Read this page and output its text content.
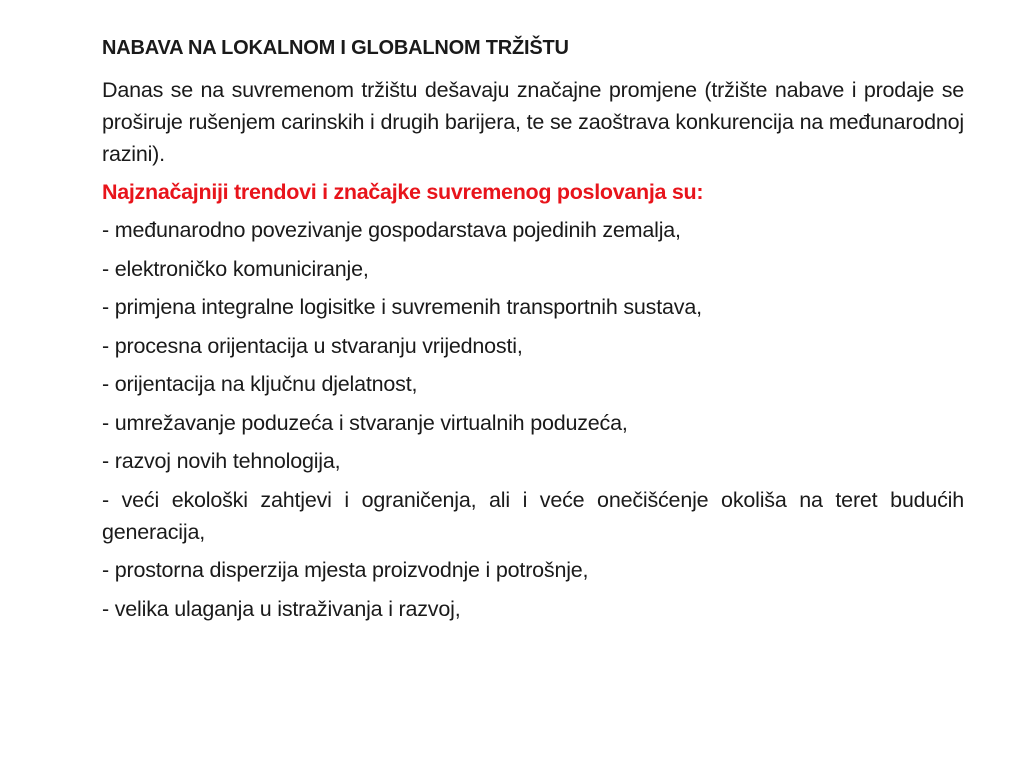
NABAVA NA LOKALNOM I GLOBALNOM TRŽIŠTU
Danas se na suvremenom tržištu dešavaju značajne promjene (tržište nabave i prodaje se proširuje rušenjem carinskih i drugih barijera, te se zaoštrava konkurencija na međunarodnoj razini).
Najznačajniji trendovi i značajke suvremenog poslovanja su:
- međunarodno povezivanje gospodarstava pojedinih zemalja,
- elektroničko komuniciranje,
- primjena integralne logisitke i suvremenih transportnih sustava,
- procesna orijentacija u stvaranju vrijednosti,
- orijentacija na ključnu djelatnost,
- umrežavanje poduzeća i stvaranje virtualnih poduzeća,
- razvoj novih tehnologija,
- veći ekološki zahtjevi i ograničenja, ali i veće onečišćenje okoliša na teret budućih generacija,
- prostorna disperzija mjesta proizvodnje i potrošnje,
- velika ulaganja u istraživanja i razvoj,
